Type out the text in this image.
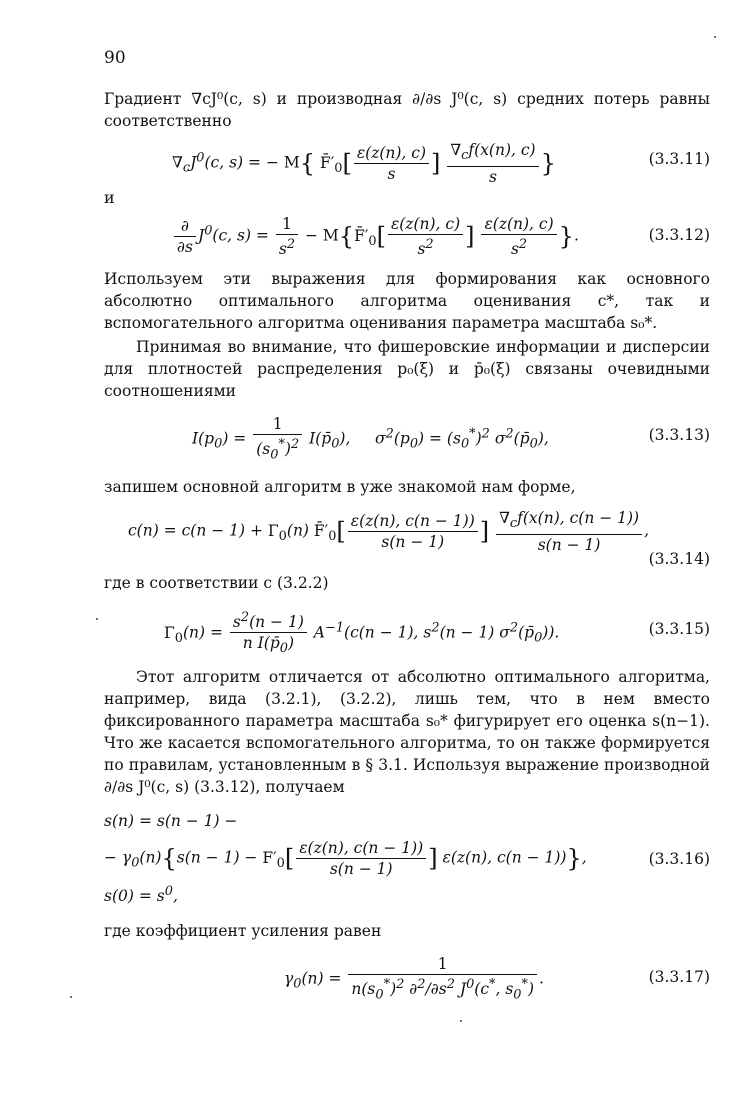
90

Градиент ∇cJ⁰(c, s) и производная ∂/∂s J⁰(c, s) средних потерь равны соответственно

$\nabla_cJ^0(c$, s) = − M{ $F̄'_0[ \frac{\varepsilon(z(n), c)}{s}$ ] $\frac{\nabla_cf(x(n), c)}{s}$ }	(3.3.11)
и
$\frac{\partial}{\partial s} J^0(c$, $s) = \frac{1}{s^2}$ − $M\{F̄'_0[ \frac{\varepsilon(z(n), c)}{s^2}$ ] $\frac{\varepsilon(z(n), c)}{s^2}$ }.	(3.3.12)

Используем эти выражения для формирования как основного абсолютно оптимального алгоритма оценивания c*, так и вспомогательного алгоритма оценивания параметра масштаба s₀*.

Принимая во внимание, что фишеровские информации и дисперсии для плотностей распределения p₀(ξ) и p̄₀(ξ) связаны очевидными соотношениями

$I(p_0) = \frac{1}{(s_0^*)^2}$ $I(p̄_0)$,     $\sigma^2(p_0) = (s_0^*)^2$ $\sigma^2(p̄_0)$,	(3.3.13)

запишем основной алгоритм в уже знакомой нам форме,

$c(n) = c(n - 1) + \Gamma_0(n)$ $F̄'_0[ \frac{\varepsilon(z(n), c(n - 1))}{s(n - 1)}$ ] $\frac{\nabla_cf(x(n), c(n - 1))}{s(n - 1)}$ ,
(3.3.14)

где в соответствии с (3.2.2)

$\Gamma_0(n) = \frac{s^2(n - 1)}{n I(p̄_0)} A^{-1}(c(n - 1)$, $s^2(n - 1)$ $\sigma^2(p̄_0)$).	(3.3.15)

Этот алгоритм отличается от абсолютно оптимального алгоритма, например, вида (3.2.1), (3.2.2), лишь тем, что в нем вместо фиксированного параметра масштаба s₀* фигурирует его оценка s(n−1). Что же касается вспомогательного алгоритма, то он также формируется по правилам, установленным в § 3.1. Используя выражение производной ∂/∂s J⁰(c, s) (3.3.12), получаем

s(n) = s(n − 1) −
− $\gamma_0(n)\{s(n - 1) - F'_0[ \frac{\varepsilon(z(n), c(n - 1))}{s(n - 1)}$ ] ε(z(n), c(n − 1))},
$s(0) = s^0$,
(3.3.16)

где коэффициент усиления равен

$\gamma_0(n) = \frac{1}{n(s_0^*)^2 \partial^2/\partial s^2 J^0(c^*, s_0^*)}$ .	(3.3.17)
